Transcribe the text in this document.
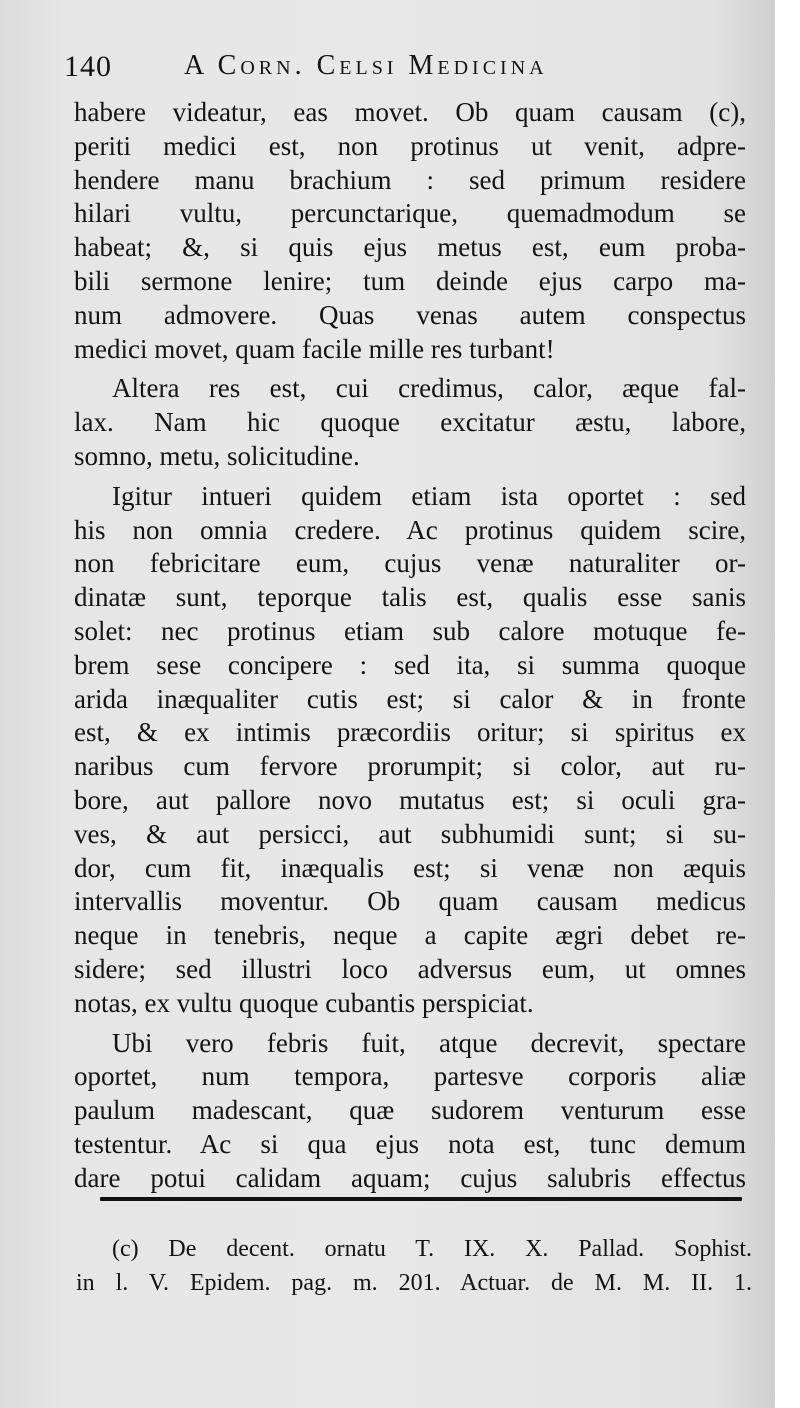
140	A Corn. Celsi Medicina
habere videatur, eas movet. Ob quam causam (c),
periti medici est, non protinus ut venit, adpre-
hendere manu brachium : sed primum residere
hilari vultu, percunctarique, quemadmodum se
habeat; &, si quis ejus metus est, eum proba-
bili sermone lenire; tum deinde ejus carpo ma-
num admovere. Quas venas autem conspectus
medici movet, quam facile mille res turbant!
Altera res est, cui credimus, calor, æque fal-
lax. Nam hic quoque excitatur æstu, labore,
somno, metu, solicitudine.
Igitur intueri quidem etiam ista oportet : sed
his non omnia credere. Ac protinus quidem scire,
non febricitare eum, cujus venæ naturaliter or-
dinatæ sunt, teporque talis est, qualis esse sanis
solet: nec protinus etiam sub calore motuque fe-
brem sese concipere : sed ita, si summa quoque
arida inæqualiter cutis est; si calor & in fronte
est, & ex intimis præcordiis oritur; si spiritus ex
naribus cum fervore prorumpit; si color, aut ru-
bore, aut pallore novo mutatus est; si oculi gra-
ves, & aut persicci, aut subhumidi sunt; si su-
dor, cum fit, inæqualis est; si venæ non æquis
intervallis moventur. Ob quam causam medicus
neque in tenebris, neque a capite ægri debet re-
sidere; sed illustri loco adversus eum, ut omnes
notas, ex vultu quoque cubantis perspiciat.
Ubi vero febris fuit, atque decrevit, spectare
oportet, num tempora, partesve corporis aliæ
paulum madescant, quæ sudorem venturum esse
testentur. Ac si qua ejus nota est, tunc demum
dare potui calidam aquam; cujus salubris effectus
(c) De decent. ornatu T. IX. X. Pallad. Sophist.
in l. V. Epidem. pag. m. 201. Actuar. de M. M. II. 1.
